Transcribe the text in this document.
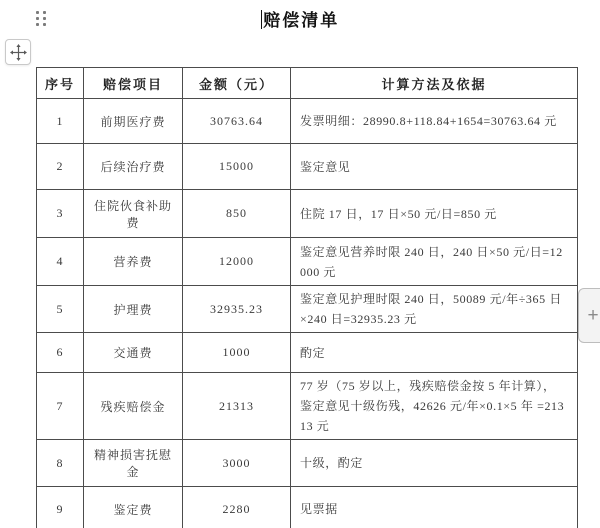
赔偿清单
序号	赔偿项目	金额（元）	计算方法及依据
1	前期医疗费	30763.64	发票明细：28990.8+118.84+1654=30763.64 元
2	后续治疗费	15000	鉴定意见
3	住院伙食补助费	850	住院 17 日，17 日×50 元/日=850 元
4	营养费	12000	鉴定意见营养时限 240 日，240 日×50 元/日=12000 元
5	护理费	32935.23	鉴定意见护理时限 240 日，50089 元/年÷365 日×240 日=32935.23 元
6	交通费	1000	酌定
7	残疾赔偿金	21313	77 岁（75 岁以上，残疾赔偿金按 5 年计算），鉴定意见十级伤残，42626 元/年×0.1×5 年 =21313 元
8	精神损害抚慰金	3000	十级，酌定
9	鉴定费	2280	见票据

+
